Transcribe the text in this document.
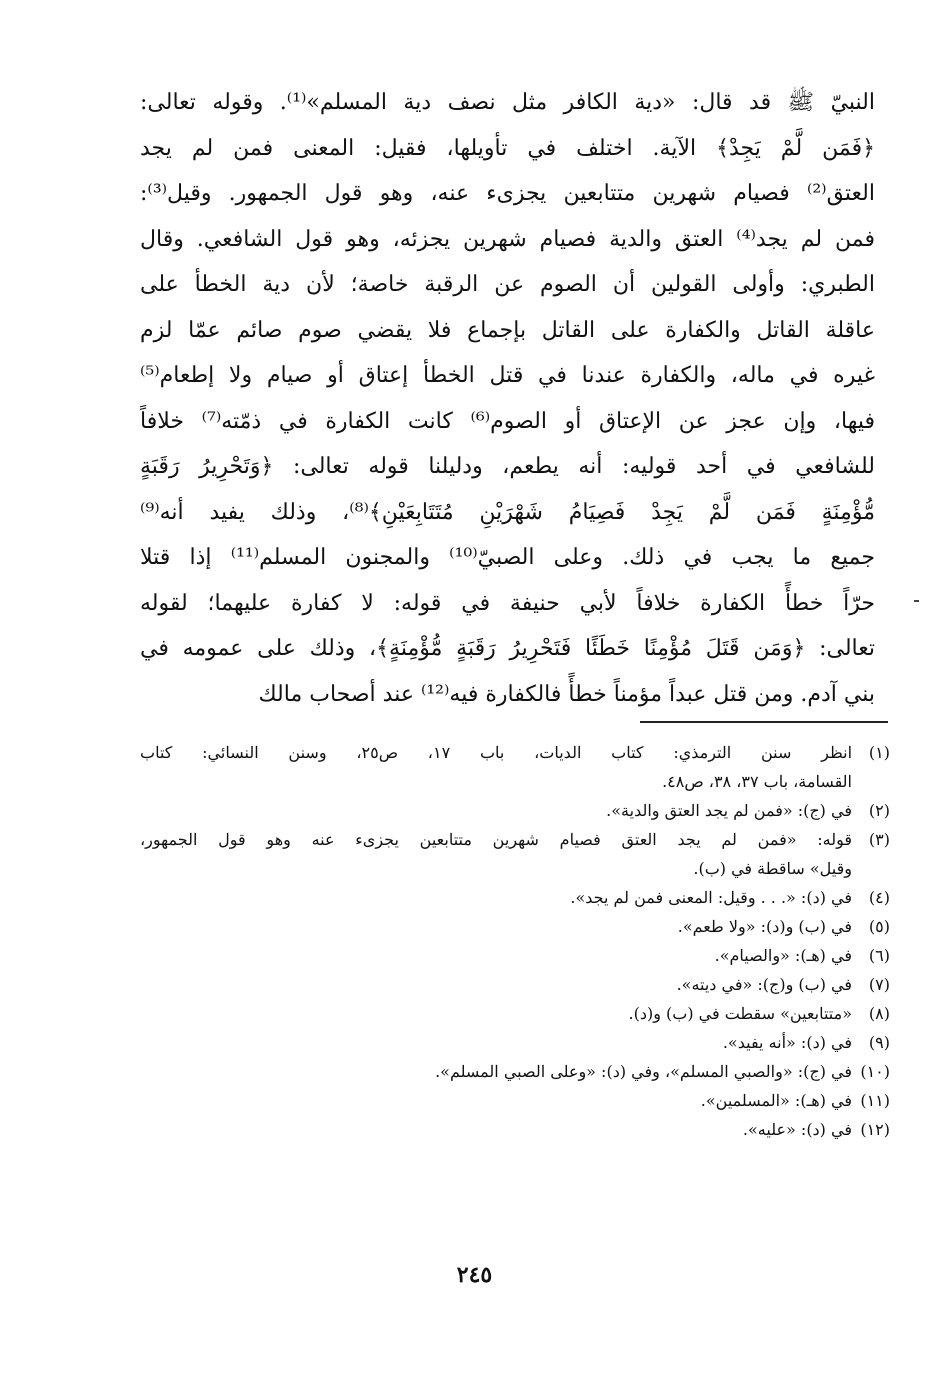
النبيّ ﷺ قد قال: «دية الكافر مثل نصف دية المسلم»⁽¹⁾. وقوله تعالى:
﴿فَمَن لَّمْ يَجِدْ﴾ الآية. اختلف في تأويلها، فقيل: المعنى فمن لم يجد
العتق⁽²⁾ فصيام شهرين متتابعين يجزىء عنه، وهو قول الجمهور. وقيل⁽³⁾:
فمن لم يجد⁽⁴⁾ العتق والدية فصيام شهرين يجزئه، وهو قول الشافعي. وقال
الطبري: وأولى القولين أن الصوم عن الرقبة خاصة؛ لأن دية الخطأ على
عاقلة القاتل والكفارة على القاتل بإجماع فلا يقضي صوم صائم عمّا لزم
غيره في ماله، والكفارة عندنا في قتل الخطأ إعتاق أو صيام ولا إطعام⁽⁵⁾
فيها، وإن عجز عن الإعتاق أو الصوم⁽⁶⁾ كانت الكفارة في ذمّته⁽⁷⁾ خلافاً
للشافعي في أحد قوليه: أنه يطعم، ودليلنا قوله تعالى: ﴿وَتَحْرِيرُ رَقَبَةٍ
مُّؤْمِنَةٍ فَمَن لَّمْ يَجِدْ فَصِيَامُ شَهْرَيْنِ مُتَتَابِعَيْنِ﴾⁽⁸⁾، وذلك يفيد أنه⁽⁹⁾
جميع ما يجب في ذلك. وعلى الصبيّ⁽¹⁰⁾ والمجنون المسلم⁽¹¹⁾ إذا قتلا
حرّاً خطأً الكفارة خلافاً لأبي حنيفة في قوله: لا كفارة عليهما؛ لقوله
تعالى: ﴿وَمَن قَتَلَ مُؤْمِنًا خَطَئًا فَتَحْرِيرُ رَقَبَةٍ مُّؤْمِنَةٍ﴾، وذلك على عمومه في
بني آدم. ومن قتل عبداً مؤمناً خطأً فالكفارة فيه⁽¹²⁾ عند أصحاب مالك
(١)انظر سنن الترمذي: كتاب الديات، باب ١٧، ص٢٥، وسنن النسائي: كتاب
القسامة، باب ٣٧، ٣٨، ص٤٨.
(٢)في (ج): «فمن لم يجد العتق والدية».
(٣)قوله: «فمن لم يجد العتق فصيام شهرين متتابعين يجزىء عنه وهو قول الجمهور،
وقيل» ساقطة في (ب).
(٤)في (د): «. . . وقيل: المعنى فمن لم يجد».
(٥)في (ب) و(د): «ولا طعم».
(٦)في (هـ): «والصيام».
(٧)في (ب) و(ج): «في ديته».
(٨)«متتابعين» سقطت في (ب) و(د).
(٩)في (د): «أنه يفيد».
(١٠)في (ج): «والصبي المسلم»، وفي (د): «وعلى الصبي المسلم».
(١١)في (هـ): «المسلمين».
(١٢)في (د): «عليه».
٢٤٥
